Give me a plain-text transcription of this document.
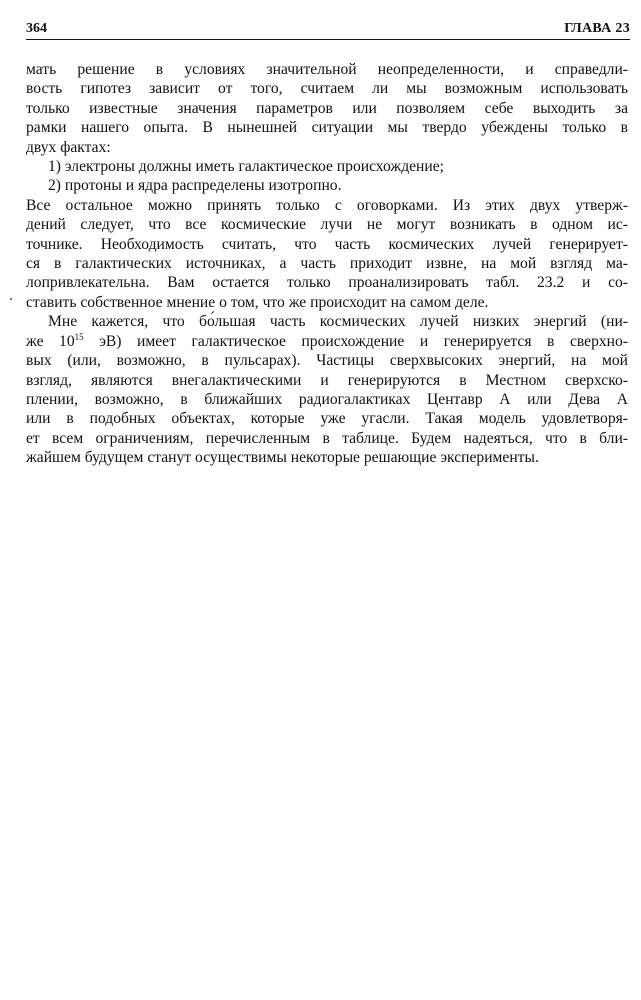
364	ГЛАВА 23

мать решение в условиях значительной неопределенности, и справедли-
вость гипотез зависит от того, считаем ли мы возможным использовать
только известные значения параметров или позволяем себе выходить за
рамки нашего опыта. В нынешней ситуации мы твердо убеждены только в
двух фактах:

1) электроны должны иметь галактическое происхождение;

2) протоны и ядра распределены изотропно.

Все остальное можно принять только с оговорками. Из этих двух утверж-
дений следует, что все космические лучи не могут возникать в одном ис-
точнике. Необходимость считать, что часть космических лучей генерирует-
ся в галактических источниках, а часть приходит извне, на мой взгляд ма-
лопривлекательна. Вам остается только проанализировать табл. 23.2 и со-
ставить собственное мнение о том, что же происходит на самом деле.

Мне кажется, что бо́льшая часть космических лучей низких энергий (ни-
же $10^{15}$ эВ) имеет галактическое происхождение и генерируется в сверхно-
вых (или, возможно, в пульсарах). Частицы сверхвысоких энергий, на мой
взгляд, являются внегалактическими и генерируются в Местном сверхско-
плении, возможно, в ближайших радиогалактиках Центавр А или Дева А
или в подобных объектах, которые уже угасли. Такая модель удовлетворя-
ет всем ограничениям, перечисленным в таблице. Будем надеяться, что в бли-
жайшем будущем станут осуществимы некоторые решающие эксперименты.
